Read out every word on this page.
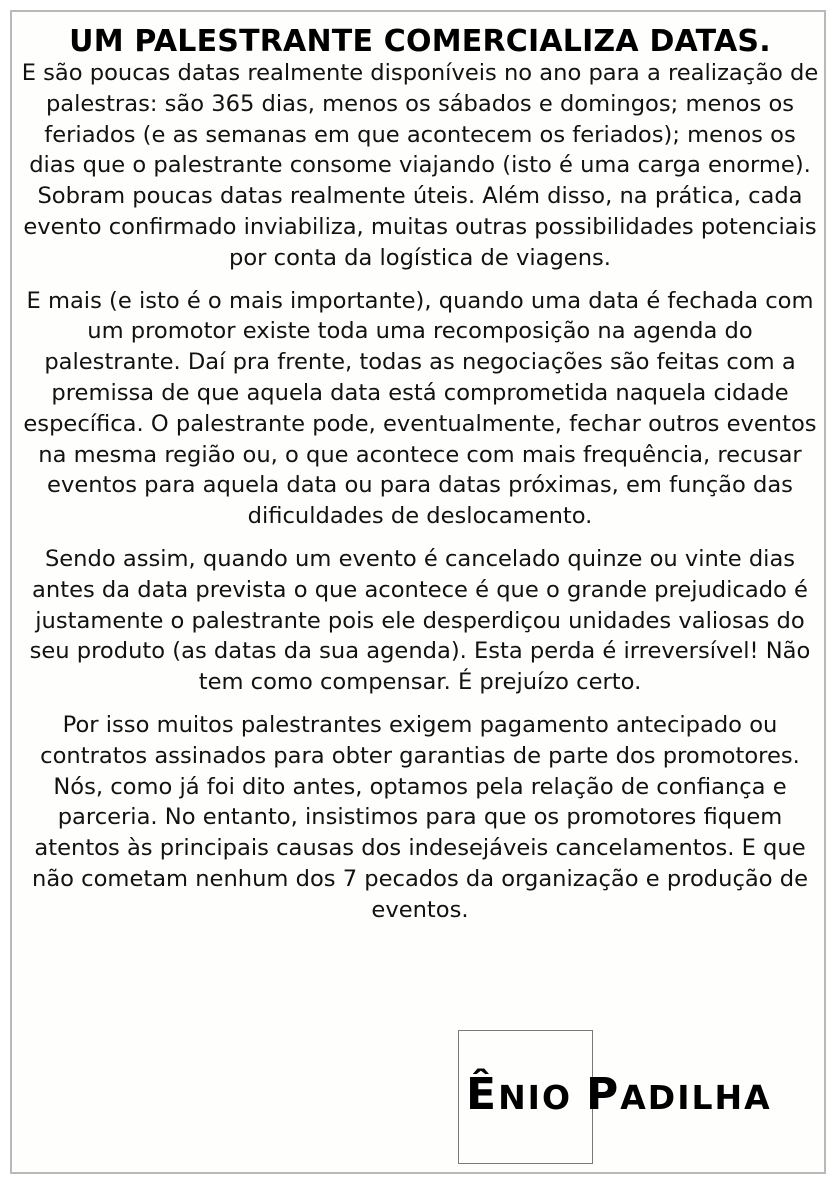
UM PALESTRANTE COMERCIALIZA DATAS.

E são poucas datas realmente disponíveis no ano para a realização de palestras: são 365 dias, menos os sábados e domingos; menos os feriados (e as semanas em que acontecem os feriados); menos os dias que o palestrante consome viajando (isto é uma carga enorme). Sobram poucas datas realmente úteis. Além disso, na prática, cada evento confirmado inviabiliza, muitas outras possibilidades potenciais por conta da logística de viagens.

E mais (e isto é o mais importante), quando uma data é fechada com um promotor existe toda uma recomposição na agenda do palestrante. Daí pra frente, todas as negociações são feitas com a premissa de que aquela data está comprometida naquela cidade específica. O palestrante pode, eventualmente, fechar outros eventos na mesma região ou, o que acontece com mais frequência, recusar eventos para aquela data ou para datas próximas, em função das dificuldades de deslocamento.

Sendo assim, quando um evento é cancelado quinze ou vinte dias antes da data prevista o que acontece é que o grande prejudicado é justamente o palestrante pois ele desperdiçou unidades valiosas do seu produto (as datas da sua agenda). Esta perda é irreversível! Não tem como compensar. É prejuízo certo.

Por isso muitos palestrantes exigem pagamento antecipado ou contratos assinados para obter garantias de parte dos promotores. Nós, como já foi dito antes, optamos pela relação de confiança e parceria. No entanto, insistimos para que os promotores fiquem atentos às principais causas dos indesejáveis cancelamentos. E que não cometam nenhum dos 7 pecados da organização e produção de eventos.

ÊNIO PADILHA
